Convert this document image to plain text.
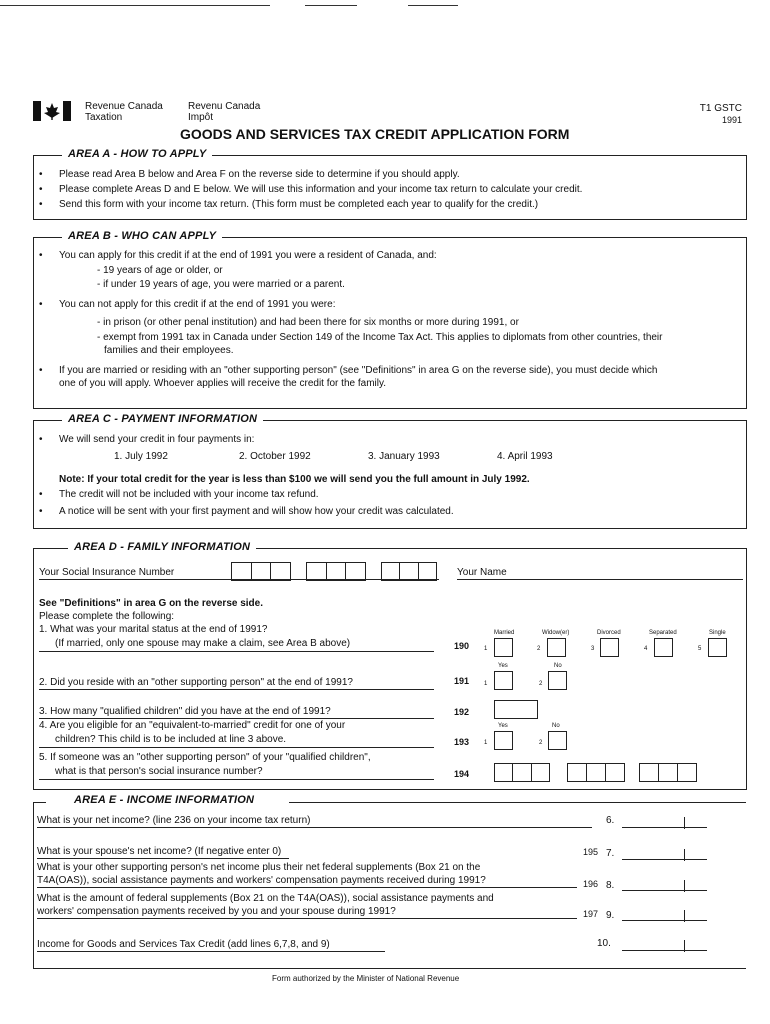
Revenue Canada
Taxation
Revenu Canada
Impôt
T1 GSTC
1991
GOODS AND SERVICES TAX CREDIT APPLICATION FORM
AREA A - HOW TO APPLY
• Please read Area B below and Area F on the reverse side to determine if you should apply.
• Please complete Areas D and E below. We will use this information and your income tax return to calculate your credit.
• Send this form with your income tax return. (This form must be completed each year to qualify for the credit.)
AREA B - WHO CAN APPLY
• You can apply for this credit if at the end of 1991 you were a resident of Canada, and:
- 19 years of age or older, or
- if under 19 years of age, you were married or a parent.
• You can not apply for this credit if at the end of 1991 you were:
- in prison (or other penal institution) and had been there for six months or more during 1991, or
- exempt from 1991 tax in Canada under Section 149 of the Income Tax Act. This applies to diplomats from other countries, their
families and their employees.
• If you are married or residing with an "other supporting person" (see "Definitions" in area G on the reverse side), you must decide which
one of you will apply. Whoever applies will receive the credit for the family.
AREA C - PAYMENT INFORMATION
• We will send your credit in four payments in:
1. July 1992	2. October 1992	3. January 1993	4. April 1993
Note: If your total credit for the year is less than $100 we will send you the full amount in July 1992.
• The credit will not be included with your income tax refund.
• A notice will be sent with your first payment and will show how your credit was calculated.
AREA D - FAMILY INFORMATION
Your Social Insurance Number	Your Name
See "Definitions" in area G on the reverse side.
Please complete the following:
1. What was your marital status at the end of 1991?
(If married, only one spouse may make a claim, see Area B above)	190
Married	Widow(er)	Divorced	Separated	Single
1	2	3	4	5
Yes	No
2. Did you reside with an "other supporting person" at the end of 1991?	191 1	2
3. How many "qualified children" did you have at the end of 1991?	192
4. Are you eligible for an "equivalent-to-married" credit for one of your
children? This child is to be included at line 3 above.
Yes	No
193 1	2
5. If someone was an "other supporting person" of your "qualified children",
what is that person's social insurance number?	194
AREA E - INCOME INFORMATION
What is your net income? (line 236 on your income tax return)	6.
What is your spouse's net income? (If negative enter 0)	195 7.
What is your other supporting person's net income plus their net federal supplements (Box 21 on the
T4A(OAS)), social assistance payments and workers' compensation payments received during 1991?	196 8.
What is the amount of federal supplements (Box 21 on the T4A(OAS)), social assistance payments and
workers' compensation payments received by you and your spouse during 1991?	197 9.
Income for Goods and Services Tax Credit (add lines 6,7,8, and 9)	10.
Form authorized by the Minister of National Revenue
